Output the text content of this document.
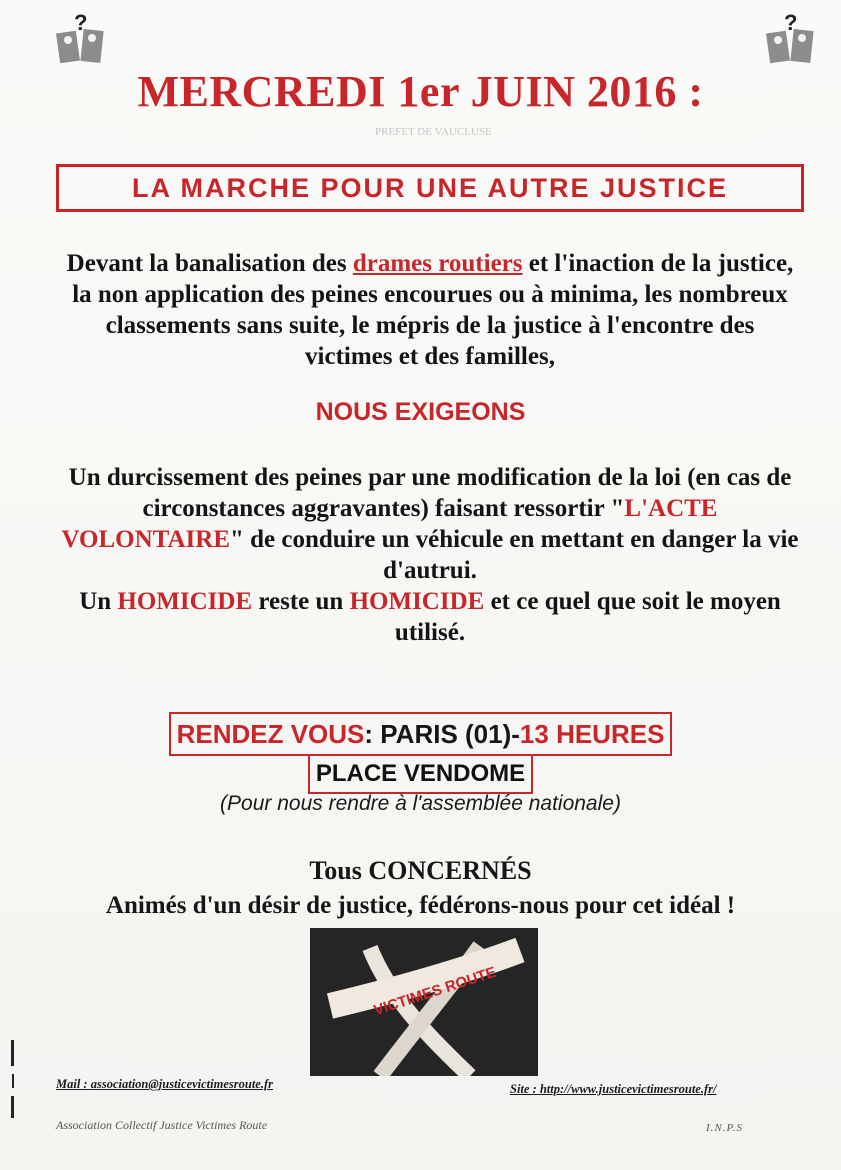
?	?
PREFET DE VAUCLUSE
MERCREDI 1er JUIN 2016 :
LA MARCHE POUR UNE AUTRE JUSTICE
Devant la banalisation des drames routiers et l'inaction de la justice, la non application des peines encourues ou à minima, les nombreux classements sans suite, le mépris de la justice à l'encontre des victimes et des familles,
NOUS EXIGEONS
Un durcissement des peines par une modification de la loi (en cas de circonstances aggravantes) faisant ressortir "L'ACTE VOLONTAIRE" de conduire un véhicule en mettant en danger la vie d'autrui.
Un HOMICIDE reste un HOMICIDE et ce quel que soit le moyen utilisé.
RENDEZ VOUS : PARIS (01)- 13 HEURES
PLACE VENDOME
(Pour nous rendre à l'assemblée nationale)
Tous CONCERNÉS
Animés d'un désir de justice, fédérons-nous pour cet idéal !
VICTIMES ROUTE
Mail : association@justicevictimesroute.fr	Site : http://www.justicevictimesroute.fr/
Association Collectif Justice Victimes Route	I.N.P.S
